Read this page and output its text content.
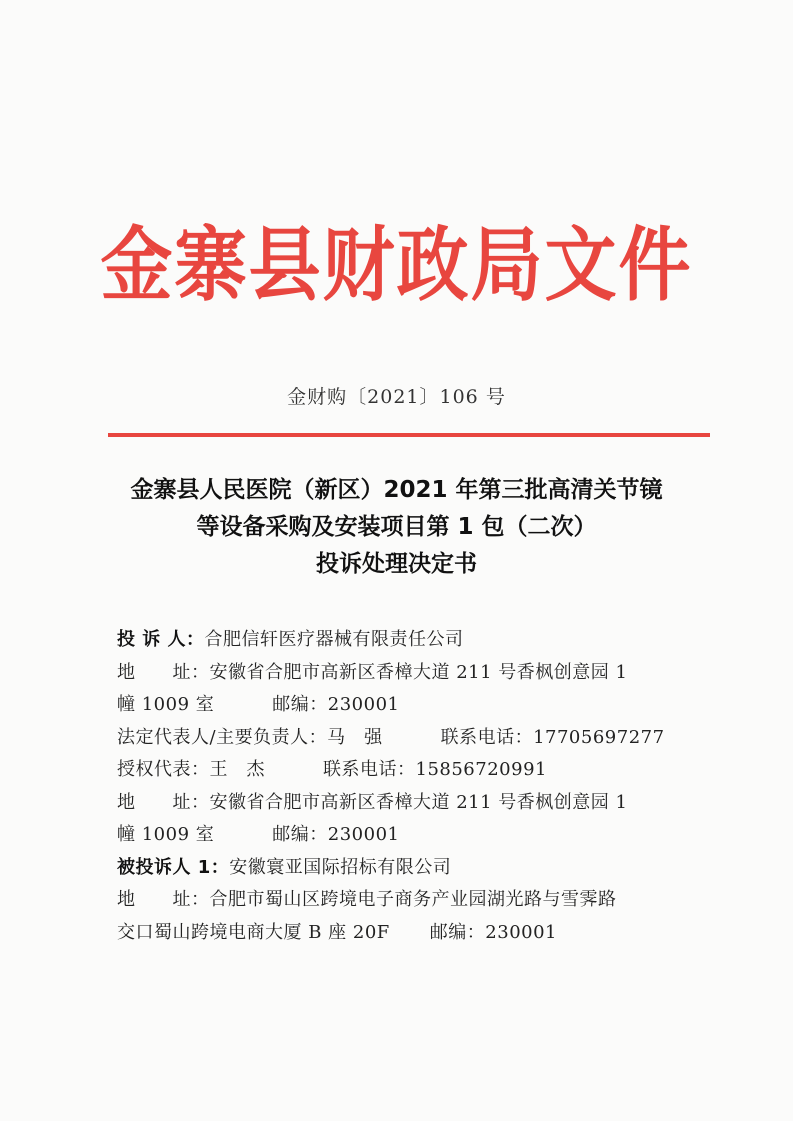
金寨县财政局文件
金财购〔2021〕106 号
金寨县人民医院（新区）2021 年第三批高清关节镜
等设备采购及安装项目第 1 包（二次）
投诉处理决定书
投 诉 人：合肥信轩医疗器械有限责任公司
地　　址：安徽省合肥市高新区香樟大道 211 号香枫创意园 1
幢 1009 室	邮编：230001
法定代表人/主要负责人：马　强	联系电话：17705697277
授权代表：王　杰	联系电话：15856720991
地　　址：安徽省合肥市高新区香樟大道 211 号香枫创意园 1
幢 1009 室	邮编：230001
被投诉人 1：安徽寰亚国际招标有限公司
地　　址：合肥市蜀山区跨境电子商务产业园湖光路与雪霁路
交口蜀山跨境电商大厦 B 座 20F 邮编：230001
